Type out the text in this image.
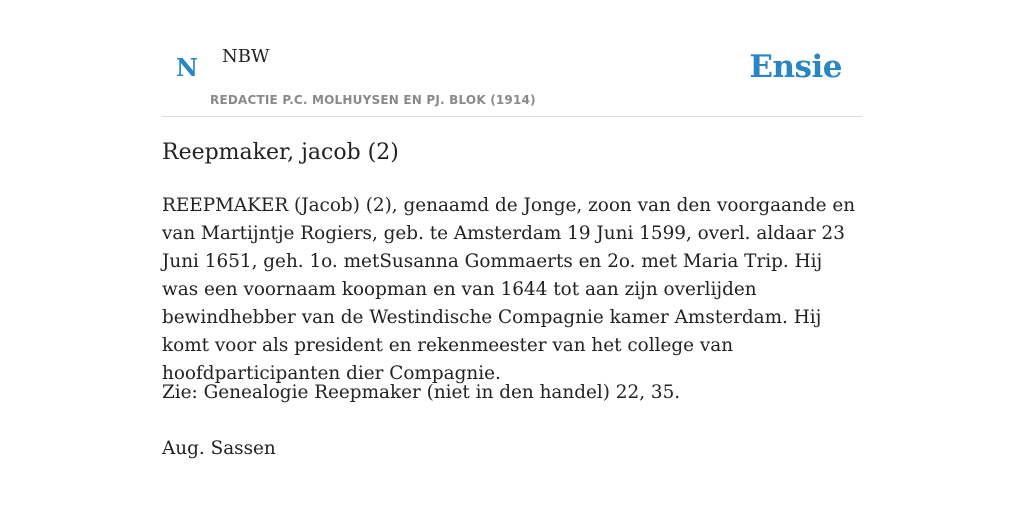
N NBW
REDACTIE P.C. MOLHUYSEN EN PJ. BLOK (1914)
Ensie
Reepmaker, jacob (2)

REEPMAKER (Jacob) (2), genaamd de Jonge, zoon van den voorgaande en van Martijntje Rogiers, geb. te Amsterdam 19 Juni 1599, overl. aldaar 23 Juni 1651, geh. 1o. metSusanna Gommaerts en 2o. met Maria Trip. Hij was een voornaam koopman en van 1644 tot aan zijn overlijden bewindhebber van de Westindische Compagnie kamer Amsterdam. Hij komt voor als president en rekenmeester van het college van hoofdparticipanten dier Compagnie.

Zie: Genealogie Reepmaker (niet in den handel) 22, 35.

Aug. Sassen
